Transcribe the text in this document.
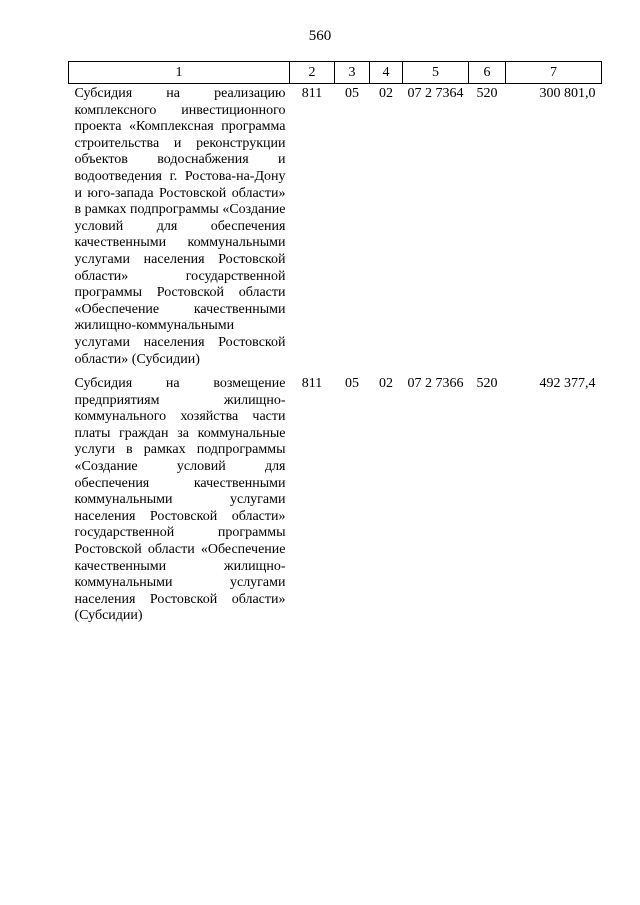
560
1	2	3	4	5	6	7
Субсидия на реализацию комплексного инвестиционного проекта «Комплексная программа строительства и реконструкции объектов водоснабжения и водоотведения г. Ростова-на-Дону и юго-запада Ростовской области» в рамках подпрограммы «Создание условий для обеспечения качественными коммунальными услугами населения Ростовской области» государственной программы Ростовской области «Обеспечение качественными жилищно-коммунальными услугами населения Ростовской области» (Субсидии)	811	05	02	07 2 7364	520	300 801,0
Субсидия на возмещение предприятиям жилищно-коммунального хозяйства части платы граждан за коммунальные услуги в рамках подпрограммы «Создание условий для обеспечения качественными коммунальными услугами населения Ростовской области» государственной программы Ростовской области «Обеспечение качественными жилищно-коммунальными услугами населения Ростовской области» (Субсидии)	811	05	02	07 2 7366	520	492 377,4
